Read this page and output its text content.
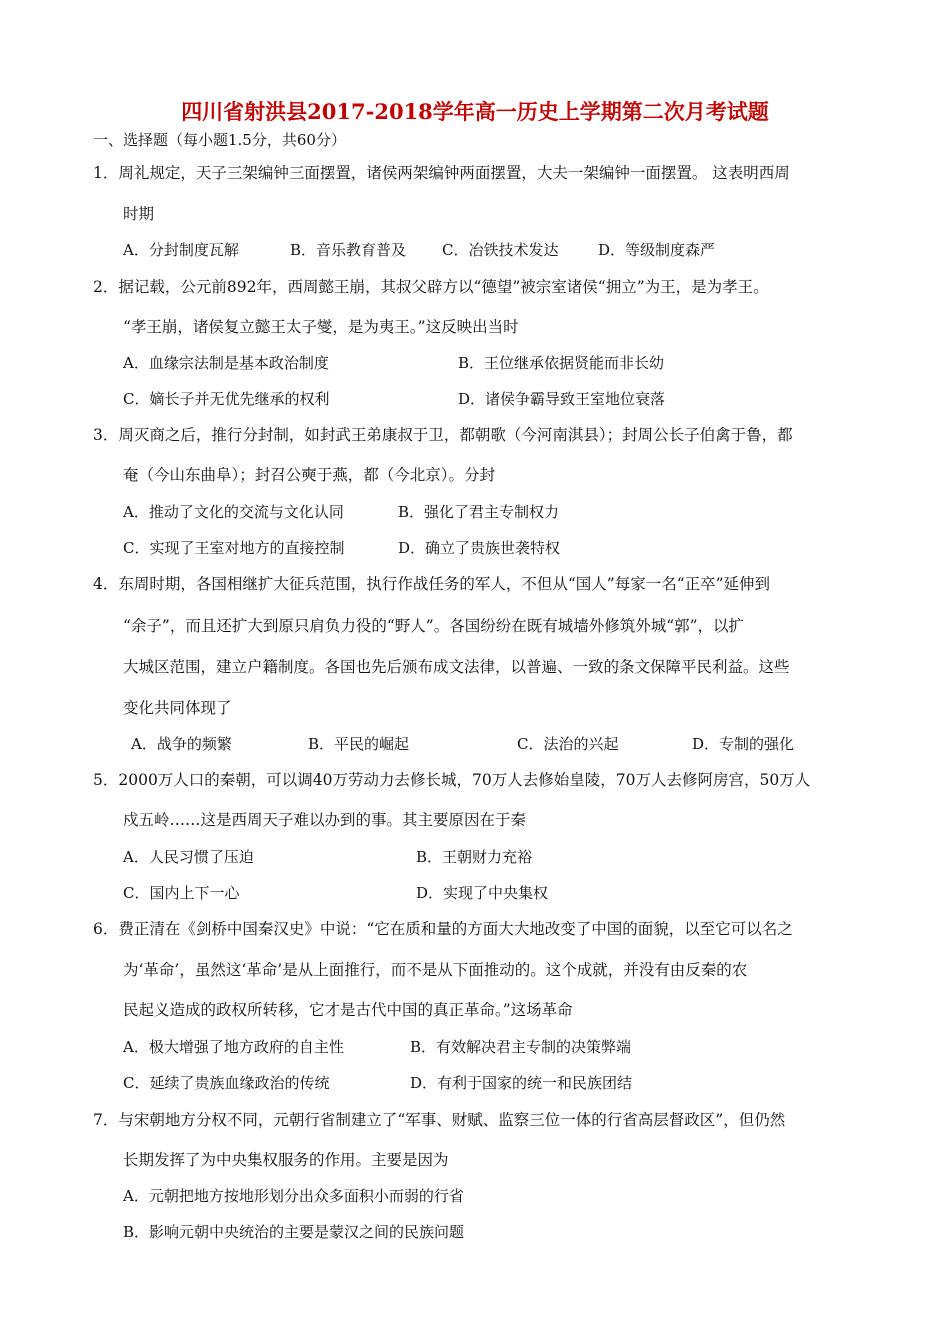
四川省射洪县2017-2018学年高一历史上学期第二次月考试题
一、选择题（每小题1.5分，共60分）
1．周礼规定，天子三架编钟三面摆置，诸侯两架编钟两面摆置，大夫一架编钟一面摆置。 这表明西周
时期
A．分封制度瓦解	B．音乐教育普及 C．冶铁技术发达	D．等级制度森严
2．据记载，公元前892年，西周懿王崩，其叔父辟方以“德望”被宗室诸侯“拥立”为王，是为孝王。
“孝王崩，诸侯复立懿王太子燮，是为夷王。”这反映出当时
A．血缘宗法制是基本政治制度	B．王位继承依据贤能而非长幼
C．嫡长子并无优先继承的权利	D．诸侯争霸导致王室地位衰落
3．周灭商之后，推行分封制，如封武王弟康叔于卫，都朝歌（今河南淇县）；封周公长子伯禽于鲁，都
奄（今山东曲阜）；封召公奭于燕，都（今北京）。分封
A．推动了文化的交流与文化认同	B．强化了君主专制权力
C．实现了王室对地方的直接控制	D．确立了贵族世袭特权
4．东周时期，各国相继扩大征兵范围，执行作战任务的军人，不但从“国人”每家一名“正卒”延伸到
“余子”，而且还扩大到原只肩负力役的“野人”。各国纷纷在既有城墙外修筑外城“郭”，以扩
大城区范围，建立户籍制度。各国也先后颁布成文法律，以普遍、一致的条文保障平民利益。这些
变化共同体现了
A．战争的频繁	B．平民的崛起	C．法治的兴起	D．专制的强化
5．2000万人口的秦朝，可以调40万劳动力去修长城，70万人去修始皇陵，70万人去修阿房宫，50万人
戍五岭……这是西周天子难以办到的事。其主要原因在于秦
A．人民习惯了压迫	B．王朝财力充裕
C．国内上下一心	D．实现了中央集权
6．费正清在《剑桥中国秦汉史》中说：“它在质和量的方面大大地改变了中国的面貌，以至它可以名之
为‘革命’，虽然这‘革命’是从上面推行，而不是从下面推动的。这个成就，并没有由反秦的农
民起义造成的政权所转移，它才是古代中国的真正革命。”这场革命
A．极大增强了地方政府的自主性	B．有效解决君主专制的决策弊端
C．延续了贵族血缘政治的传统	D．有利于国家的统一和民族团结
7．与宋朝地方分权不同，元朝行省制建立了“军事、财赋、监察三位一体的行省高层督政区”，但仍然
长期发挥了为中央集权服务的作用。主要是因为
A．元朝把地方按地形划分出众多面积小而弱的行省
B．影响元朝中央统治的主要是蒙汉之间的民族问题
